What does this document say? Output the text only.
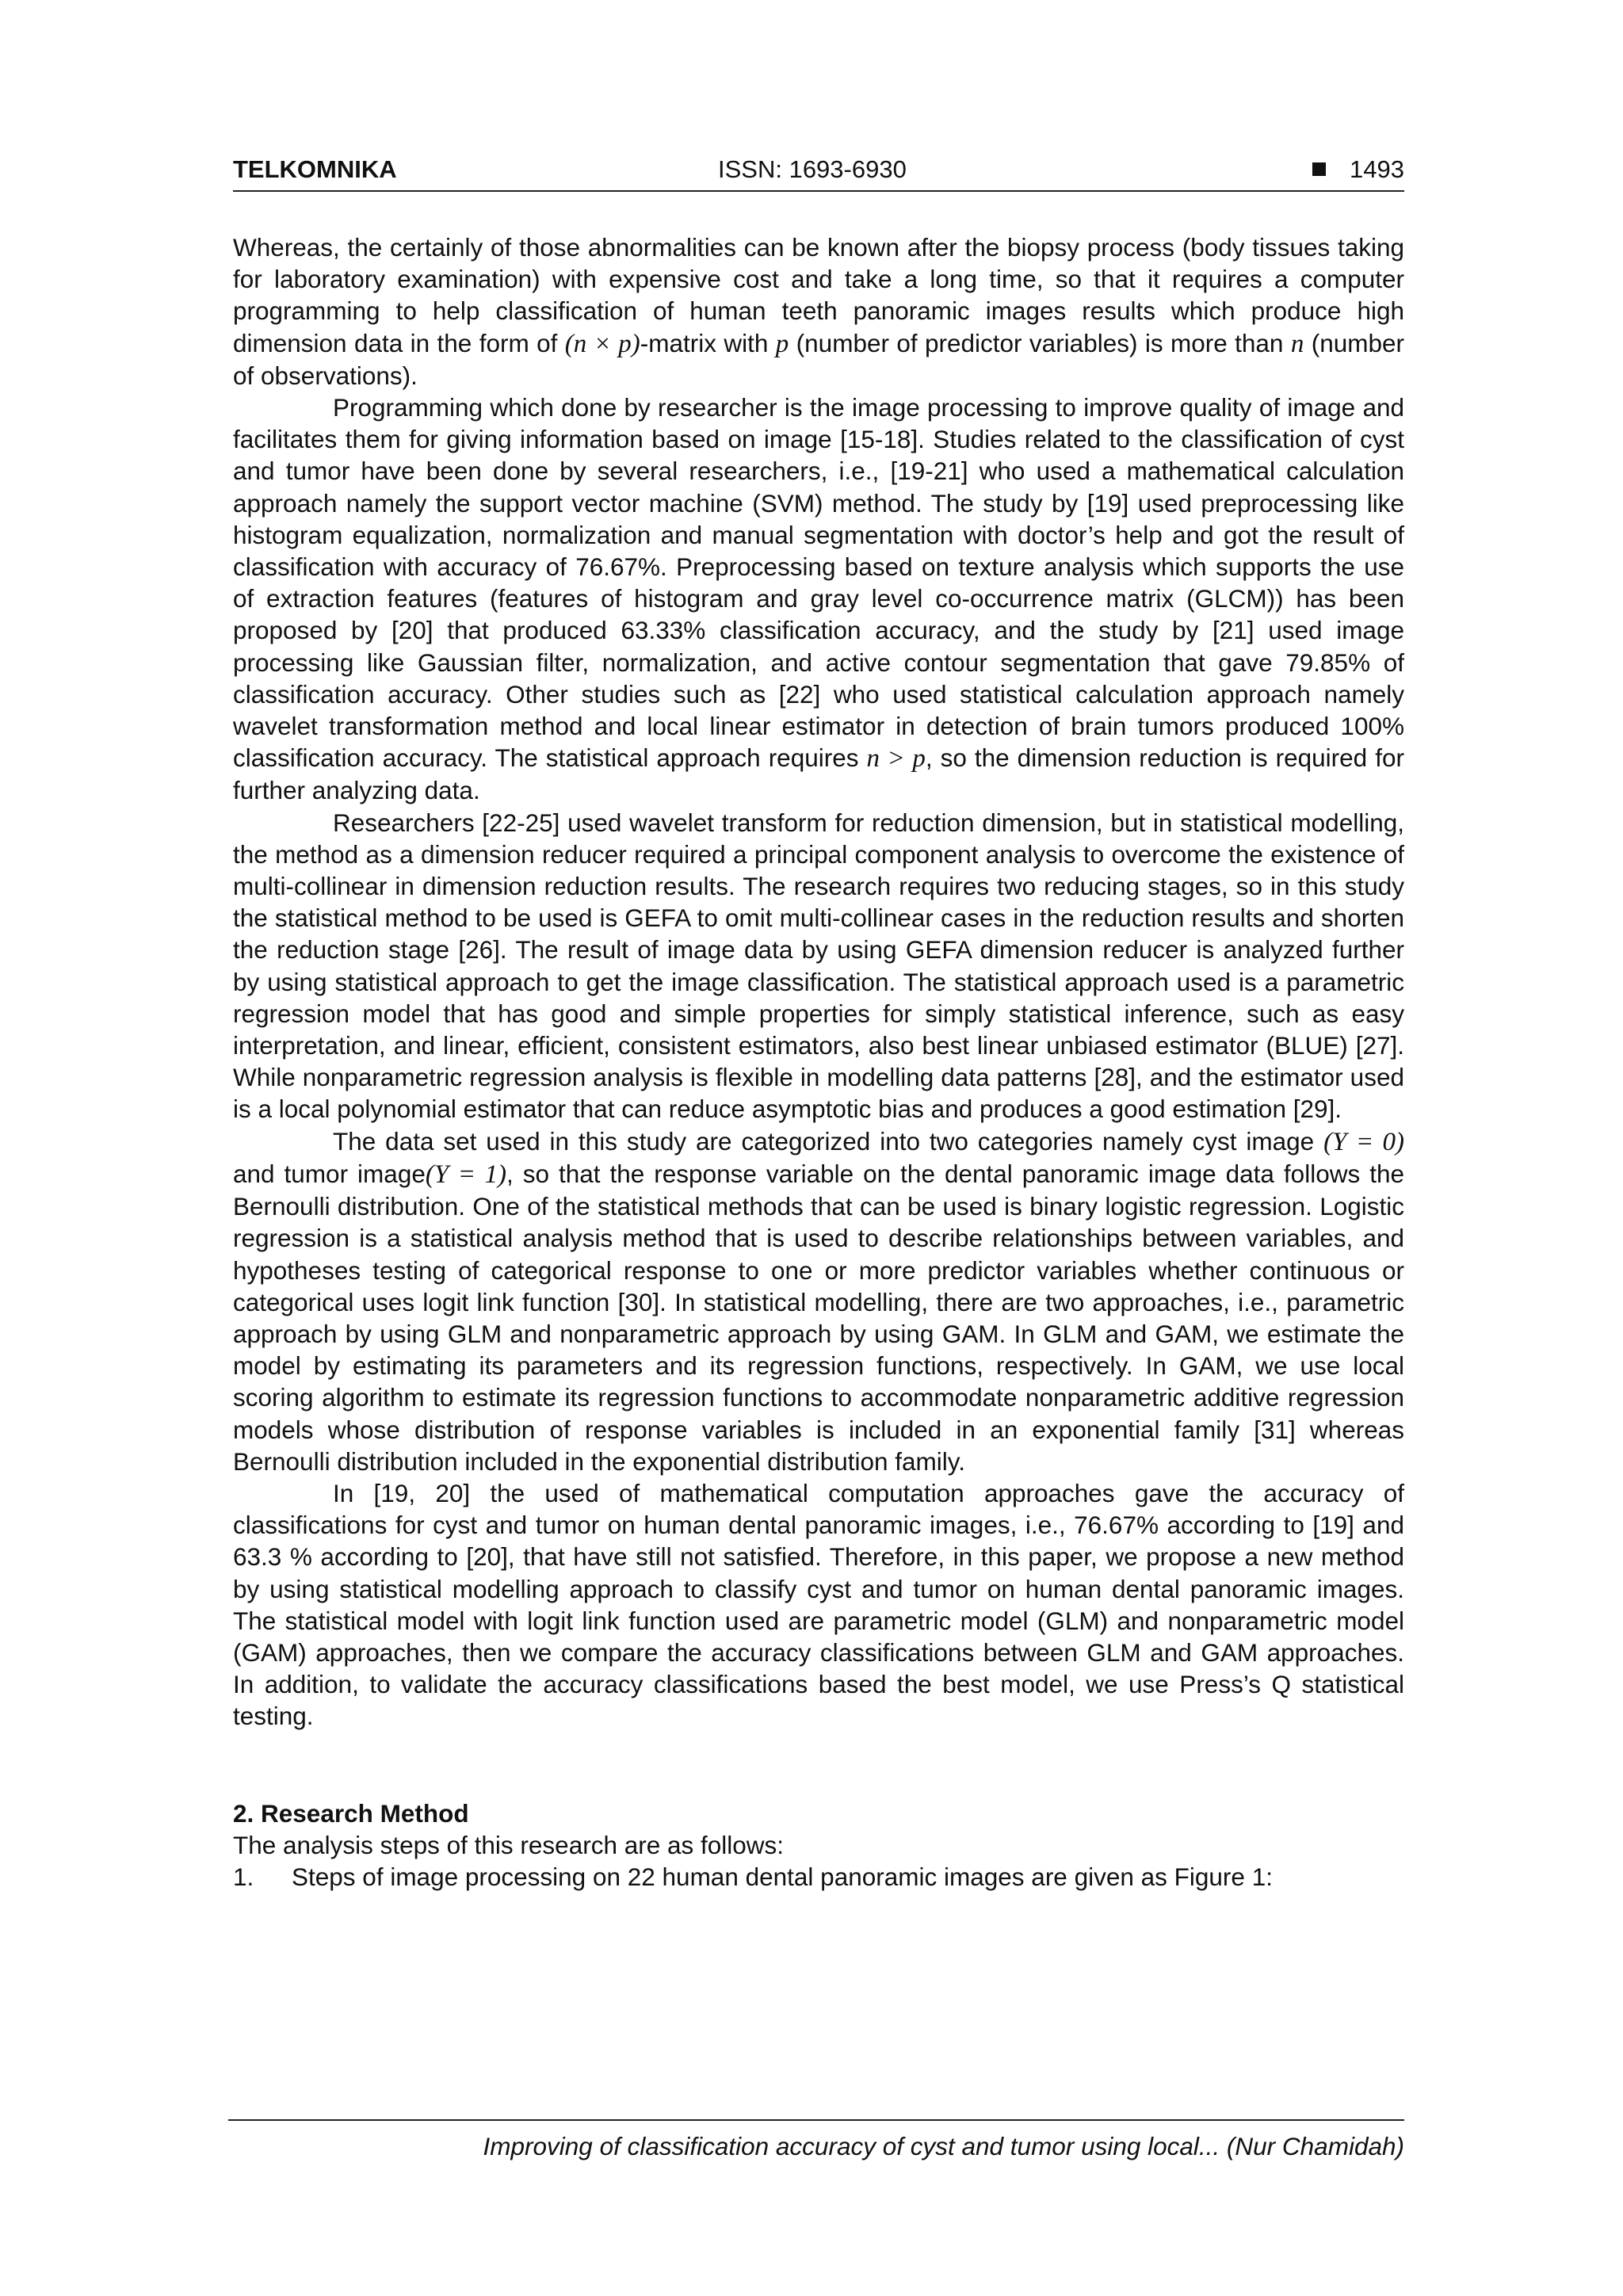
TELKOMNIKA	ISSN: 1693-6930	1493

Whereas, the certainly of those abnormalities can be known after the biopsy process (body tissues taking for laboratory examination) with expensive cost and take a long time, so that it requires a computer programming to help classification of human teeth panoramic images results which produce high dimension data in the form of (n × p)-matrix with p (number of predictor variables) is more than n (number of observations).

Programming which done by researcher is the image processing to improve quality of image and facilitates them for giving information based on image [15-18]. Studies related to the classification of cyst and tumor have been done by several researchers, i.e., [19-21] who used a mathematical calculation approach namely the support vector machine (SVM) method. The study by [19] used preprocessing like histogram equalization, normalization and manual segmentation with doctor’s help and got the result of classification with accuracy of 76.67%. Preprocessing based on texture analysis which supports the use of extraction features (features of histogram and gray level co-occurrence matrix (GLCM)) has been proposed by [20] that produced 63.33% classification accuracy, and the study by [21] used image processing like Gaussian filter, normalization, and active contour segmentation that gave 79.85% of classification accuracy. Other studies such as [22] who used statistical calculation approach namely wavelet transformation method and local linear estimator in detection of brain tumors produced 100% classification accuracy. The statistical approach requires n > p, so the dimension reduction is required for further analyzing data.

Researchers [22-25] used wavelet transform for reduction dimension, but in statistical modelling, the method as a dimension reducer required a principal component analysis to overcome the existence of multi-collinear in dimension reduction results. The research requires two reducing stages, so in this study the statistical method to be used is GEFA to omit multi-collinear cases in the reduction results and shorten the reduction stage [26]. The result of image data by using GEFA dimension reducer is analyzed further by using statistical approach to get the image classification. The statistical approach used is a parametric regression model that has good and simple properties for simply statistical inference, such as easy interpretation, and linear, efficient, consistent estimators, also best linear unbiased estimator (BLUE) [27]. While nonparametric regression analysis is flexible in modelling data patterns [28], and the estimator used is a local polynomial estimator that can reduce asymptotic bias and produces a good estimation [29].

The data set used in this study are categorized into two categories namely cyst image (Y = 0) and tumor image(Y = 1), so that the response variable on the dental panoramic image data follows the Bernoulli distribution. One of the statistical methods that can be used is binary logistic regression. Logistic regression is a statistical analysis method that is used to describe relationships between variables, and hypotheses testing of categorical response to one or more predictor variables whether continuous or categorical uses logit link function [30]. In statistical modelling, there are two approaches, i.e., parametric approach by using GLM and nonparametric approach by using GAM. In GLM and GAM, we estimate the model by estimating its parameters and its regression functions, respectively. In GAM, we use local scoring algorithm to estimate its regression functions to accommodate nonparametric additive regression models whose distribution of response variables is included in an exponential family [31] whereas Bernoulli distribution included in the exponential distribution family.

In [19, 20] the used of mathematical computation approaches gave the accuracy of classifications for cyst and tumor on human dental panoramic images, i.e., 76.67% according to [19] and 63.3 % according to [20], that have still not satisfied. Therefore, in this paper, we propose a new method by using statistical modelling approach to classify cyst and tumor on human dental panoramic images. The statistical model with logit link function used are parametric model (GLM) and nonparametric model (GAM) approaches, then we compare the accuracy classifications between GLM and GAM approaches. In addition, to validate the accuracy classifications based the best model, we use Press’s Q statistical testing.

2. Research Method

The analysis steps of this research are as follows:

1.	Steps of image processing on 22 human dental panoramic images are given as Figure 1:
Improving of classification accuracy of cyst and tumor using local... (Nur Chamidah)
